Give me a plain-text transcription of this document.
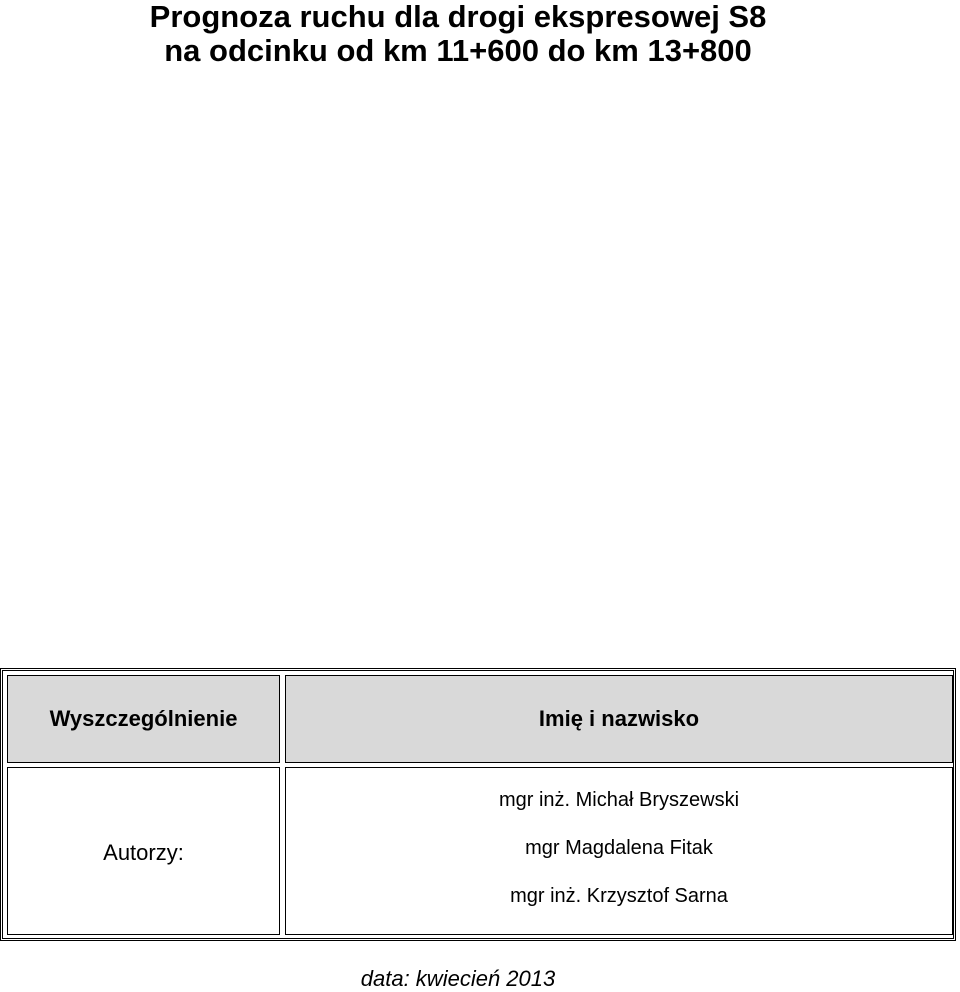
Prognoza ruchu dla drogi ekspresowej S8
na odcinku od km 11+600 do km 13+800
Wyszczególnienie	Imię i nazwisko
Autorzy:
mgr inż. Michał Bryszewski
mgr Magdalena Fitak
mgr inż. Krzysztof Sarna
data: kwiecień 2013
